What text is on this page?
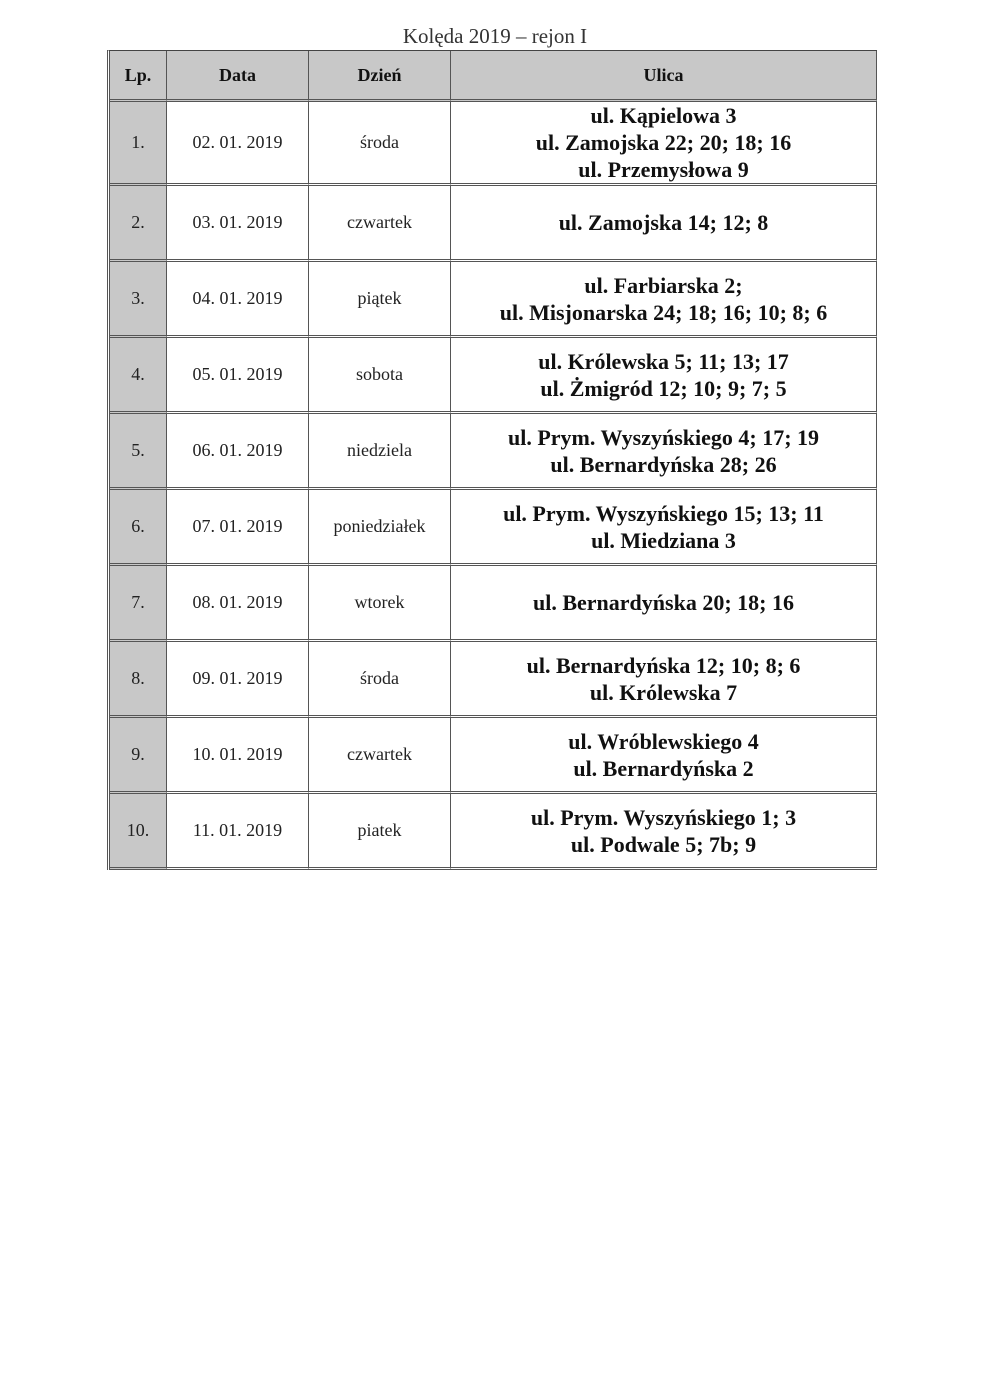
Kolęda 2019 – rejon I
Lp.	Data	Dzień	Ulica
1.	02. 01. 2019	środa	ul. Kąpielowa 3
ul. Zamojska 22; 20; 18; 16
ul. Przemysłowa 9

2.	03. 01. 2019	czwartek	ul. Zamojska 14; 12; 8

3.	04. 01. 2019	piątek	ul. Farbiarska 2;
ul. Misjonarska 24; 18; 16; 10; 8; 6

4.	05. 01. 2019	sobota	ul. Królewska 5; 11; 13; 17
ul. Żmigród 12; 10; 9; 7; 5

5.	06. 01. 2019	niedziela	ul. Prym. Wyszyńskiego 4; 17; 19
ul. Bernardyńska 28; 26

6.	07. 01. 2019	poniedziałek	ul. Prym. Wyszyńskiego 15; 13; 11
ul. Miedziana 3

7.	08. 01. 2019	wtorek	ul. Bernardyńska 20; 18; 16

8.	09. 01. 2019	środa	ul. Bernardyńska 12; 10; 8; 6
ul. Królewska 7

9.	10. 01. 2019	czwartek	ul. Wróblewskiego 4
ul. Bernardyńska 2

10.	11. 01. 2019	piatek	ul. Prym. Wyszyńskiego 1; 3
ul. Podwale 5; 7b; 9
